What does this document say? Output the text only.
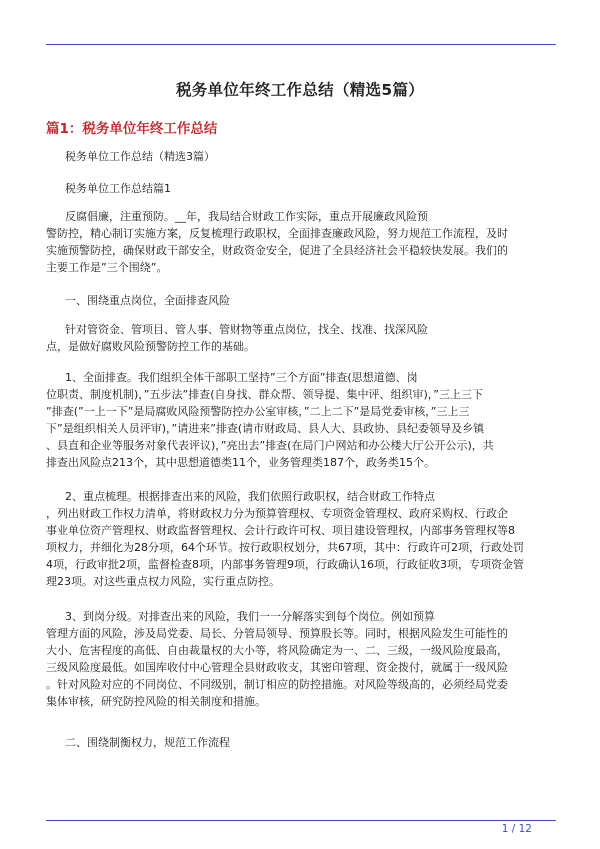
税务单位年终工作总结（精选5篇）
篇1：税务单位年终工作总结
税务单位工作总结（精选3篇）
税务单位工作总结篇1
反腐倡廉，注重预防。__年，我局结合财政工作实际，重点开展廉政风险预
警防控，精心制订实施方案，反复梳理行政职权，全面排查廉政风险，努力规范工作流程，及时
实施预警防控，确保财政干部安全，财政资金安全，促进了全县经济社会平稳较快发展。我们的
主要工作是”三个围绕”。
一、围绕重点岗位，全面排查风险
针对管资金、管项目、管人事、管财物等重点岗位，找全、找准、找深风险
点，是做好腐败风险预警防控工作的基础。
1、全面排查。我们组织全体干部职工坚持”三个方面”排查(思想道德、岗
位职责、制度机制)，”五步法”排查(自身找、群众帮、领导提、集中评、组织审)，”三上三下
”排查(”一上一下”是局腐败风险预警防控办公室审核，”二上二下”是局党委审核，”三上三
下”是组织相关人员评审)，”请进来”排查(请市财政局、县人大、县政协、县纪委领导及乡镇
、县直和企业等服务对象代表评议)，”亮出去”排查(在局门户网站和办公楼大厅公开公示)，共
排查出风险点213个，其中思想道德类11个，业务管理类187个，政务类15个。
2、重点梳理。根据排查出来的风险，我们依照行政职权，结合财政工作特点
，列出财政工作权力清单，将财政权力分为预算管理权、专项资金管理权、政府采购权、行政企
事业单位资产管理权、财政监督管理权、会计行政许可权、项目建设管理权，内部事务管理权等8
项权力，并细化为28分项，64个环节。按行政职权划分，共67项，其中：行政许可2项，行政处罚
4项，行政审批2项，监督检查8项，内部事务管理9项，行政确认16项，行政征收3项，专项资金管
理23项。对这些重点权力风险，实行重点防控。
3、到岗分级。对排查出来的风险，我们一一分解落实到每个岗位。例如预算
管理方面的风险，涉及局党委、局长、分管局领导、预算股长等。同时，根据风险发生可能性的
大小、危害程度的高低、自由裁量权的大小等，将风险确定为一、二、三级，一级风险度最高，
三级风险度最低。如国库收付中心管理全县财政收支，其密印管理、资金拨付，就属于一级风险
。针对风险对应的不同岗位、不同级别，制订相应的防控措施。对风险等级高的，必须经局党委
集体审核，研究防控风险的相关制度和措施。
二、围绕制衡权力，规范工作流程
1 / 12
